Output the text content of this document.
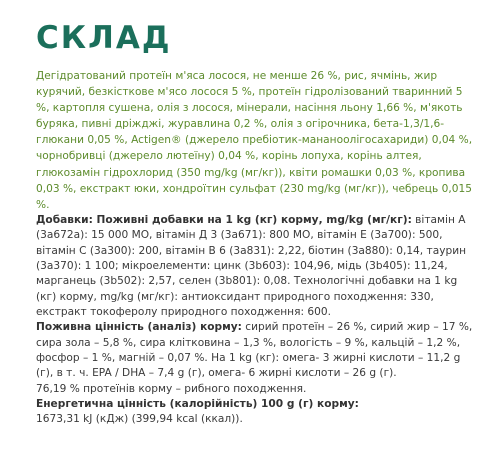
СКЛАД

Дегідратований протеїн м'яса лосося, не менше 26 %, рис, ячмінь, жир курячий, безкісткове м'ясо лосося 5 %, протеїн гідролізований тваринний 5 %, картопля сушена, олія з лосося, мінерали, насіння льону 1,66 %, м'якоть буряка, пивні дріжджі, журавлина 0,2 %, олія з огірочника, бета-1,3/1,6-глюкани 0,05 %, Actigen® (джерело пребіотик-мананоолігосахариди) 0,04 %, чорнобривці (джерело лютеїну) 0,04 %, корінь лопуха, корінь алтея, глюкозамін гідрохлорид (350 mg/kg (мг/кг)), квіти ромашки 0,03 %, кропива 0,03 %, екстракт юки, хондроїтин сульфат (230 mg/kg (мг/кг)), чебрець 0,015 %.

Добавки: Поживні добавки на 1 kg (кг) корму, mg/kg (мг/кг): вітамін А (3a672a): 15 000 МО, вітамін Д 3 (3a671): 800 МО, вітамін Е (3a700): 500, вітамін С (3a300): 200, вітамін В 6 (3a831): 2,22, біотин (3a880): 0,14, таурин (3a370): 1 100; мікроелементи: цинк (3b603): 104,96, мідь (3b405): 11,24, марганець (3b502): 2,57, селен (3b801): 0,08. Технологічні добавки на 1 kg (кг) корму, mg/kg (мг/кг): антиоксидант природного походження: 330, екстракт токоферолу природного походження: 600.

Поживна цінність (аналіз) корму: сирий протеїн – 26 %, сирий жир – 17 %, сира зола – 5,8 %, сира клітковина – 1,3 %, вологість – 9 %, кальцій – 1,2 %, фосфор – 1 %, магній – 0,07 %. На 1 kg (кг): омега- 3 жирні кислоти – 11,2 g (г), в т. ч. EPA / DHA – 7,4 g (г), омега- 6 жирні кислоти – 26 g (г).

76,19 % протеїнів корму – рибного походження.

Енергетична цінність (калорійність) 100 g (г) корму:

1673,31 kJ (кДж) (399,94 kcal (ккал)).
